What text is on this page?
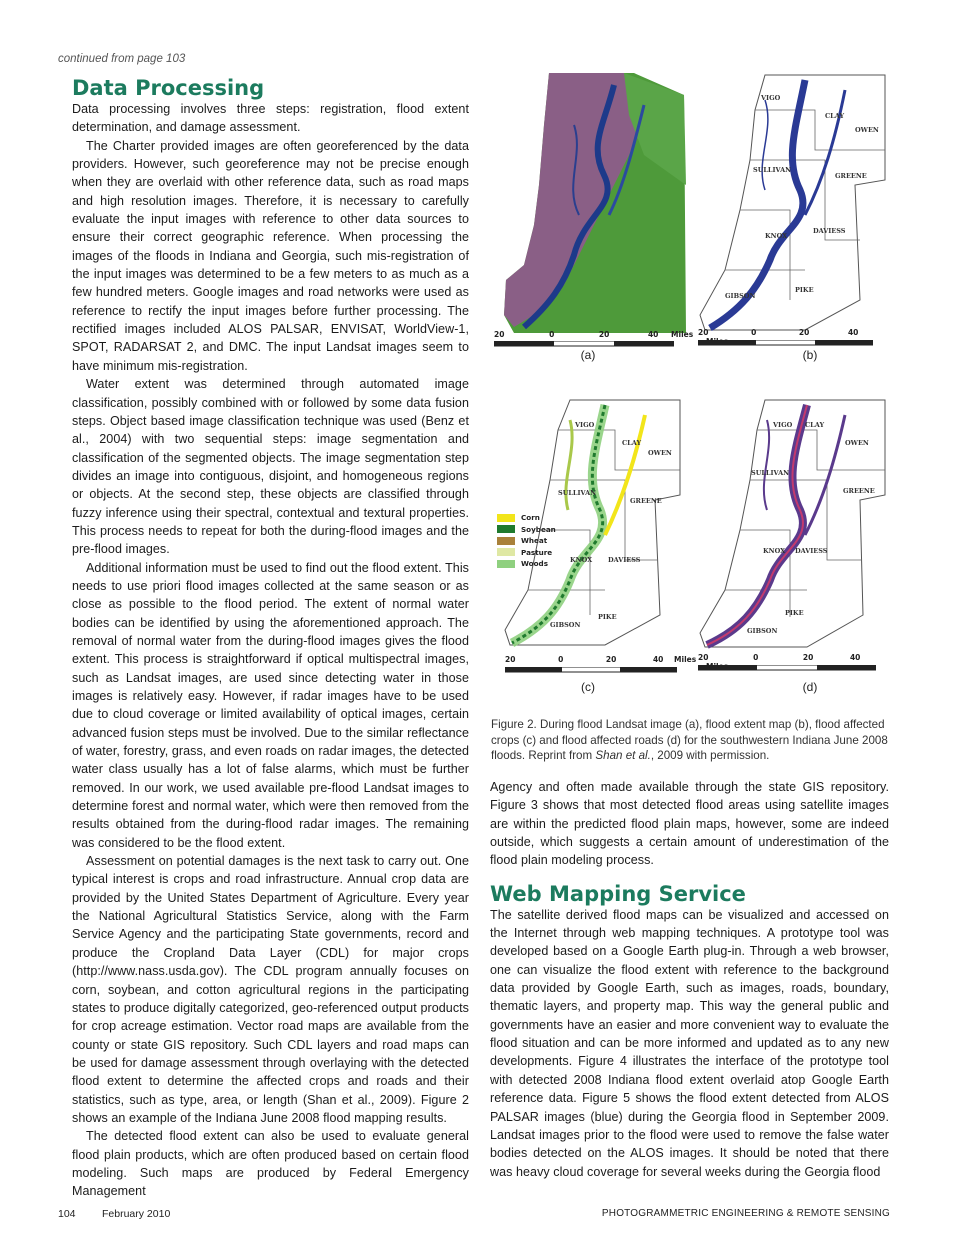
continued from page 103
Data Processing

Data processing involves three steps: registration, flood extent determination, and damage assessment.

The Charter provided images are often georeferenced by the data providers. However, such georeference may not be precise enough when they are overlaid with other reference data, such as road maps and high resolution images. Therefore, it is necessary to carefully evaluate the input images with reference to other data sources to ensure their correct geographic reference. When processing the images of the floods in Indiana and Georgia, such mis-registration of the input images was determined to be a few meters to as much as a few hundred meters. Google images and road networks were used as reference to rectify the input images before further processing. The rectified images included ALOS PALSAR, ENVISAT, WorldView-1, SPOT, RADARSAT 2, and DMC. The input Landsat images seem to have minimum mis-registration.

Water extent was determined through automated image classification, possibly combined with or followed by some data fusion steps. Object based image classification technique was used (Benz et al., 2004) with two sequential steps: image segmentation and classification of the segmented objects. The image segmentation step divides an image into contiguous, disjoint, and homogeneous regions or objects. At the second step, these objects are classified through fuzzy inference using their spectral, contextual and textural properties. This process needs to repeat for both the during-flood images and the pre-flood images.

Additional information must be used to find out the flood extent. This needs to use priori flood images collected at the same season or as close as possible to the flood period. The extent of normal water bodies can be identified by using the aforementioned approach. The removal of normal water from the during-flood images gives the flood extent. This process is straightforward if optical multispectral images, such as Landsat images, are used since detecting water in those images is relatively easy. However, if radar images have to be used due to cloud coverage or limited availability of optical images, certain advanced fusion steps must be involved. Due to the similar reflectance of water, forestry, grass, and even roads on radar images, the detected water class usually has a lot of false alarms, which must be further removed. In our work, we used available pre-flood Landsat images to determine forest and normal water, which were then removed from the results obtained from the during-flood radar images. The remaining was considered to be the flood extent.

Assessment on potential damages is the next task to carry out. One typical interest is crops and road infrastructure. Annual crop data are provided by the United States Department of Agriculture. Every year the National Agricultural Statistics Service, along with the Farm Service Agency and the participating State governments, record and produce the Cropland Data Layer (CDL) for major crops (http://www.nass.usda.gov). The CDL program annually focuses on corn, soybean, and cotton agricultural regions in the participating states to produce digitally categorized, geo-referenced output products for crop acreage estimation. Vector road maps are available from the county or state GIS repository. Such CDL layers and road maps can be used for damage assessment through overlaying with the detected flood extent to determine the affected crops and roads and their statistics, such as type, area, or length (Shan et al., 2009). Figure 2 shows an example of the Indiana June 2008 flood mapping results.

The detected flood extent can also be used to evaluate general flood plain products, which are often produced based on certain flood modeling. Such maps are produced by Federal Emergency Management

20	0	20	40 Miles
(a)
VIGO
CLAY
OWEN
SULLIVAN
GREENE
KNOX
DAVIESS
GIBSON
PIKE
20	0	20	40
(b)
VIGO
CLAY
OWEN
SULLIVAN
GREENE
KNOX DAVIESS
GIBSON
PIKE
20	0	20	40 Miles
(c)
VIGO CLAY
OWEN
SULLIVAN
GREENE
KNOX DAVIESS
GIBSON
PIKE
20	0	20	40
(d)
Corn
Soybean
Wheat
Pasture
Woods
Figure 2. During flood Landsat image (a), flood extent map (b), flood affected crops (c) and flood affected roads (d) for the southwestern Indiana June 2008 floods. Reprint from Shan et al., 2009 with permission.

Agency and often made available through the state GIS repository. Figure 3 shows that most detected flood areas using satellite images are within the predicted flood plain maps, however, some are indeed outside, which suggests a certain amount of underestimation of the flood plain modeling process.

Web Mapping Service

The satellite derived flood maps can be visualized and accessed on the Internet through web mapping techniques. A prototype tool was developed based on a Google Earth plug-in. Through a web browser, one can visualize the flood extent with reference to the background data provided by Google Earth, such as images, roads, boundary, thematic layers, and property map. This way the general public and governments have an easier and more convenient way to evaluate the flood situation and can be more informed and updated as to any new developments. Figure 4 illustrates the interface of the prototype tool with detected 2008 Indiana flood extent overlaid atop Google Earth reference data. Figure 5 shows the flood extent detected from ALOS PALSAR images (blue) during the Georgia flood in September 2009. Landsat images prior to the flood were used to remove the false water bodies detected on the ALOS images. It should be noted that there was heavy cloud coverage for several weeks during the Georgia flood

104	February 2010	PHOTOGRAMMETRIC ENGINEERING & REMOTE SENSING
